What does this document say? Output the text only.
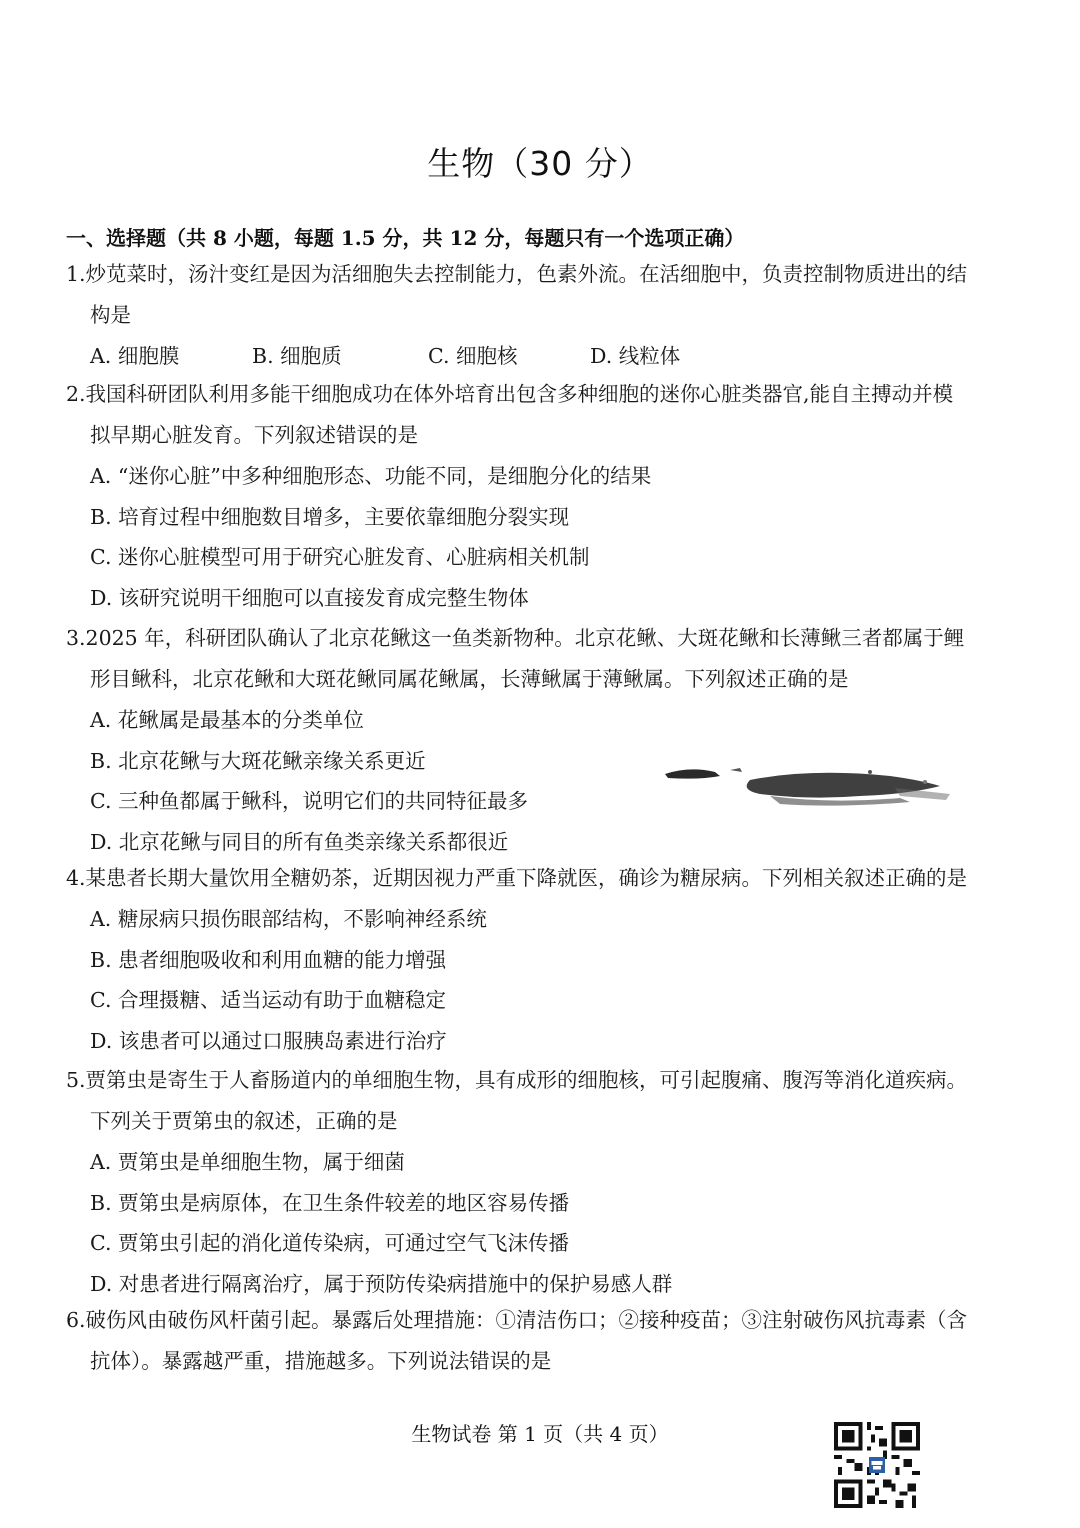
生物（30 分）
一、选择题（共 8 小题，每题 1.5 分，共 12 分，每题只有一个选项正确）
1.炒苋菜时，汤汁变红是因为活细胞失去控制能力，色素外流。在活细胞中，负责控制物质进出的结
构是
A. 细胞膜	B. 细胞质	C. 细胞核	D. 线粒体
2.我国科研团队利用多能干细胞成功在体外培育出包含多种细胞的迷你心脏类器官,能自主搏动并模
拟早期心脏发育。下列叙述错误的是
A. “迷你心脏”中多种细胞形态、功能不同，是细胞分化的结果
B. 培育过程中细胞数目增多，主要依靠细胞分裂实现
C. 迷你心脏模型可用于研究心脏发育、心脏病相关机制
D. 该研究说明干细胞可以直接发育成完整生物体
3.2025 年，科研团队确认了北京花鳅这一鱼类新物种。北京花鳅、大斑花鳅和长薄鳅三者都属于鲤
形目鳅科，北京花鳅和大斑花鳅同属花鳅属，长薄鳅属于薄鳅属。下列叙述正确的是
A. 花鳅属是最基本的分类单位
B. 北京花鳅与大斑花鳅亲缘关系更近
C. 三种鱼都属于鳅科，说明它们的共同特征最多
D. 北京花鳅与同目的所有鱼类亲缘关系都很近
4.某患者长期大量饮用全糖奶茶，近期因视力严重下降就医，确诊为糖尿病。下列相关叙述正确的是
A. 糖尿病只损伤眼部结构，不影响神经系统
B. 患者细胞吸收和利用血糖的能力增强
C. 合理摄糖、适当运动有助于血糖稳定
D. 该患者可以通过口服胰岛素进行治疗
5.贾第虫是寄生于人畜肠道内的单细胞生物，具有成形的细胞核，可引起腹痛、腹泻等消化道疾病。
下列关于贾第虫的叙述，正确的是
A. 贾第虫是单细胞生物，属于细菌
B. 贾第虫是病原体，在卫生条件较差的地区容易传播
C. 贾第虫引起的消化道传染病，可通过空气飞沫传播
D. 对患者进行隔离治疗，属于预防传染病措施中的保护易感人群
6.破伤风由破伤风杆菌引起。暴露后处理措施：①清洁伤口；②接种疫苗；③注射破伤风抗毒素（含
抗体）。暴露越严重，措施越多。下列说法错误的是
生物试卷 第 1 页（共 4 页）
